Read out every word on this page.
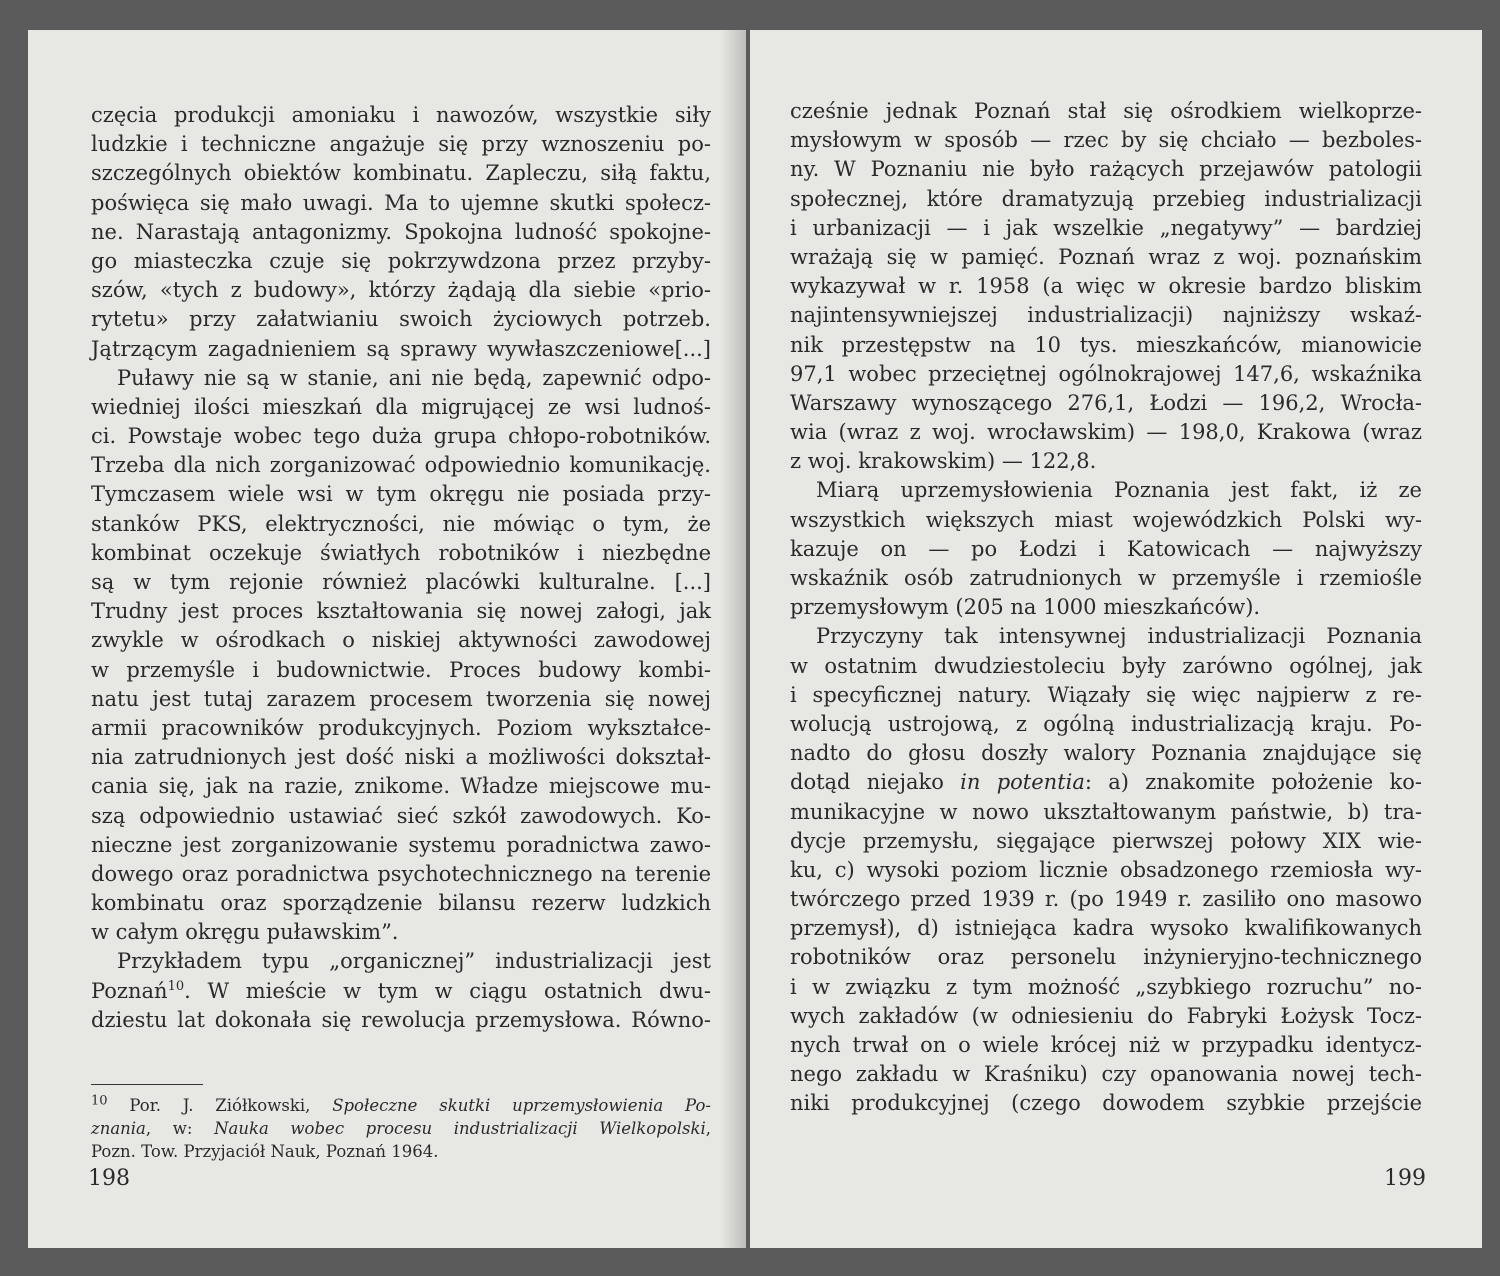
częcia produkcji amoniaku i nawozów, wszystkie siły
ludzkie i techniczne angażuje się przy wznoszeniu po-
szczególnych obiektów kombinatu. Zapleczu, siłą faktu,
poświęca się mało uwagi. Ma to ujemne skutki społecz-
ne. Narastają antagonizmy. Spokojna ludność spokojne-
go miasteczka czuje się pokrzywdzona przez przyby-
szów, «tych z budowy», którzy żądają dla siebie «prio-
rytetu» przy załatwianiu swoich życiowych potrzeb.
Jątrzącym zagadnieniem są sprawy wywłaszczeniowe[...]
Puławy nie są w stanie, ani nie będą, zapewnić odpo-
wiedniej ilości mieszkań dla migrującej ze wsi ludnoś-
ci. Powstaje wobec tego duża grupa chłopo-robotników.
Trzeba dla nich zorganizować odpowiednio komunikację.
Tymczasem wiele wsi w tym okręgu nie posiada przy-
stanków PKS, elektryczności, nie mówiąc o tym, że
kombinat oczekuje światłych robotników i niezbędne
są w tym rejonie również placówki kulturalne. [...]
Trudny jest proces kształtowania się nowej załogi, jak
zwykle w ośrodkach o niskiej aktywności zawodowej
w przemyśle i budownictwie. Proces budowy kombi-
natu jest tutaj zarazem procesem tworzenia się nowej
armii pracowników produkcyjnych. Poziom wykształce-
nia zatrudnionych jest dość niski a możliwości dokształ-
cania się, jak na razie, znikome. Władze miejscowe mu-
szą odpowiednio ustawiać sieć szkół zawodowych. Ko-
nieczne jest zorganizowanie systemu poradnictwa zawo-
dowego oraz poradnictwa psychotechnicznego na terenie
kombinatu oraz sporządzenie bilansu rezerw ludzkich
w całym okręgu puławskim”.
Przykładem typu „organicznej” industrializacji jest
Poznań$^{10}$. W mieście w tym w ciągu ostatnich dwu-
dziestu lat dokonała się rewolucja przemysłowa. Równo-
$^{10}$ Por. J. Ziółkowski, Społeczne skutki uprzemysłowienia Po-
znania, w: Nauka wobec procesu industrializacji Wielkopolski,
Pozn. Tow. Przyjaciół Nauk, Poznań 1964.
198
cześnie jednak Poznań stał się ośrodkiem wielkoprze-
mysłowym w sposób — rzec by się chciało — bezboles-
ny. W Poznaniu nie było rażących przejawów patologii
społecznej, które dramatyzują przebieg industrializacji
i urbanizacji — i jak wszelkie „negatywy” — bardziej
wrażają się w pamięć. Poznań wraz z woj. poznańskim
wykazywał w r. 1958 (a więc w okresie bardzo bliskim
najintensywniejszej industrializacji) najniższy wskaź-
nik przestępstw na 10 tys. mieszkańców, mianowicie
97,1 wobec przeciętnej ogólnokrajowej 147,6, wskaźnika
Warszawy wynoszącego 276,1, Łodzi — 196,2, Wrocła-
wia (wraz z woj. wrocławskim) — 198,0, Krakowa (wraz
z woj. krakowskim) — 122,8.
Miarą uprzemysłowienia Poznania jest fakt, iż ze
wszystkich większych miast wojewódzkich Polski wy-
kazuje on — po Łodzi i Katowicach — najwyższy
wskaźnik osób zatrudnionych w przemyśle i rzemiośle
przemysłowym (205 na 1000 mieszkańców).
Przyczyny tak intensywnej industrializacji Poznania
w ostatnim dwudziestoleciu były zarówno ogólnej, jak
i specyficznej natury. Wiązały się więc najpierw z re-
wolucją ustrojową, z ogólną industrializacją kraju. Po-
nadto do głosu doszły walory Poznania znajdujące się
dotąd niejako in potentia: a) znakomite położenie ko-
munikacyjne w nowo ukształtowanym państwie, b) tra-
dycje przemysłu, sięgające pierwszej połowy XIX wie-
ku, c) wysoki poziom licznie obsadzonego rzemiosła wy-
twórczego przed 1939 r. (po 1949 r. zasiliło ono masowo
przemysł), d) istniejąca kadra wysoko kwalifikowanych
robotników oraz personelu inżynieryjno-technicznego
i w związku z tym możność „szybkiego rozruchu” no-
wych zakładów (w odniesieniu do Fabryki Łożysk Tocz-
nych trwał on o wiele krócej niż w przypadku identycz-
nego zakładu w Kraśniku) czy opanowania nowej tech-
niki produkcyjnej (czego dowodem szybkie przejście
199
